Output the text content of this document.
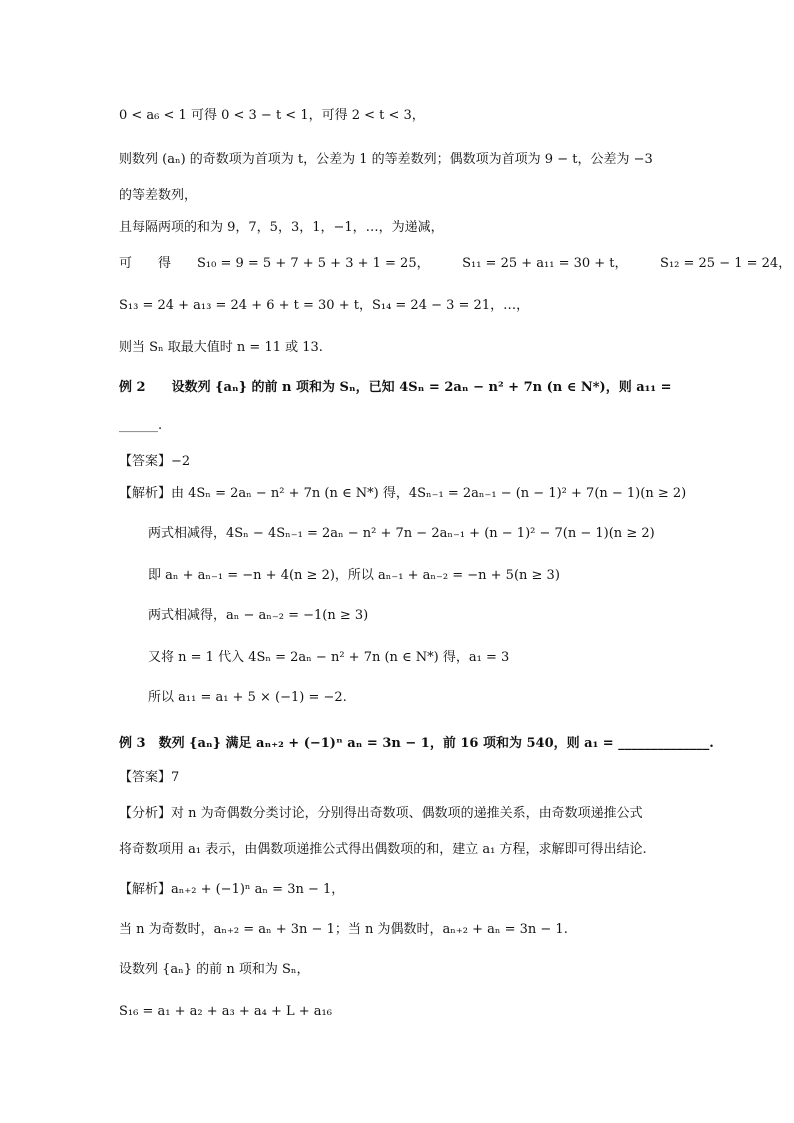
0 < a₆ < 1 可得 0 < 3 − t < 1，可得 2 < t < 3，
则数列 (aₙ) 的奇数项为首项为 t，公差为 1 的等差数列；偶数项为首项为 9 − t，公差为 −3
的等差数列，
且每隔两项的和为 9，7，5，3，1，−1，…，为递减，
可　　得　　S₁₀ = 9 = 5 + 7 + 5 + 3 + 1 = 25，　　　S₁₁ = 25 + a₁₁ = 30 + t，　　　S₁₂ = 25 − 1 = 24，
S₁₃ = 24 + a₁₃ = 24 + 6 + t = 30 + t，S₁₄ = 24 − 3 = 21，…，
则当 Sₙ 取最大值时 n = 11 或 13.
例 2　　设数列 {aₙ} 的前 n 项和为 Sₙ，已知 4Sₙ = 2aₙ − n² + 7n (n ∈ N*)，则 a₁₁ =
______.
【答案】−2
【解析】由 4Sₙ = 2aₙ − n² + 7n (n ∈ N*) 得，4Sₙ₋₁ = 2aₙ₋₁ − (n − 1)² + 7(n − 1)(n ≥ 2)
两式相减得，4Sₙ − 4Sₙ₋₁ = 2aₙ − n² + 7n − 2aₙ₋₁ + (n − 1)² − 7(n − 1)(n ≥ 2)
即 aₙ + aₙ₋₁ = −n + 4(n ≥ 2)，所以 aₙ₋₁ + aₙ₋₂ = −n + 5(n ≥ 3)
两式相减得，aₙ − aₙ₋₂ = −1(n ≥ 3)
又将 n = 1 代入 4Sₙ = 2aₙ − n² + 7n (n ∈ N*) 得，a₁ = 3
所以 a₁₁ = a₁ + 5 × (−1) = −2.
例 3　数列 {aₙ} 满足 aₙ₊₂ + (−1)ⁿ aₙ = 3n − 1，前 16 项和为 540，则 a₁ = ______________.
【答案】7
【分析】对 n 为奇偶数分类讨论，分别得出奇数项、偶数项的递推关系，由奇数项递推公式
将奇数项用 a₁ 表示，由偶数项递推公式得出偶数项的和，建立 a₁ 方程，求解即可得出结论.
【解析】aₙ₊₂ + (−1)ⁿ aₙ = 3n − 1，
当 n 为奇数时，aₙ₊₂ = aₙ + 3n − 1；当 n 为偶数时，aₙ₊₂ + aₙ = 3n − 1.
设数列 {aₙ} 的前 n 项和为 Sₙ，
S₁₆ = a₁ + a₂ + a₃ + a₄ + L + a₁₆
